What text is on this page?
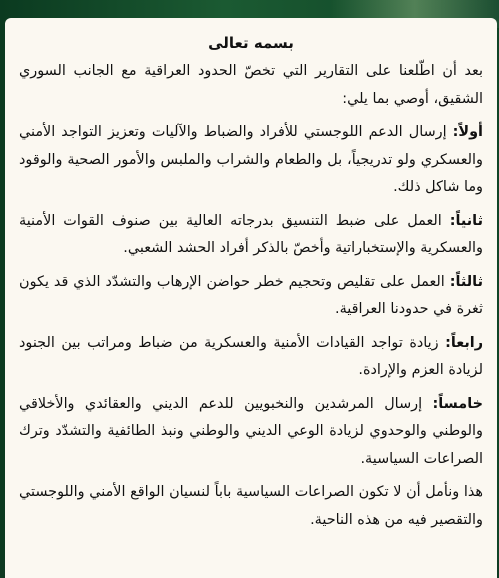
بسمه تعالى

بعد أن اطّلعنا على التقارير التي تخصّ الحدود العراقية مع الجانب السوري الشقيق، أوصي بما يلي:

أولاً: إرسال الدعم اللوجستي للأفراد والضباط والآليات وتعزيز التواجد الأمني والعسكري ولو تدريجياً، بل والطعام والشراب والملبس والأمور الصحية والوقود وما شاكل ذلك.

ثانياً: العمل على ضبط التنسيق بدرجاته العالية بين صنوف القوات الأمنية والعسكرية والإستخباراتية وأخصّ بالذكر أفراد الحشد الشعبي.

ثالثاً: العمل على تقليص وتحجيم خطر حواضن الإرهاب والتشدّد الذي قد يكون ثغرة في حدودنا العراقية.

رابعاً: زيادة تواجد القيادات الأمنية والعسكرية من ضباط ومراتب بين الجنود لزيادة العزم والإرادة.

خامساً: إرسال المرشدين والنخبويين للدعم الديني والعقائدي والأخلاقي والوطني والوحدوي لزيادة الوعي الديني والوطني ونبذ الطائفية والتشدّد وترك الصراعات السياسية.

هذا ونأمل أن لا تكون الصراعات السياسية باباً لنسيان الواقع الأمني واللوجستي والتقصير فيه من هذه الناحية.
